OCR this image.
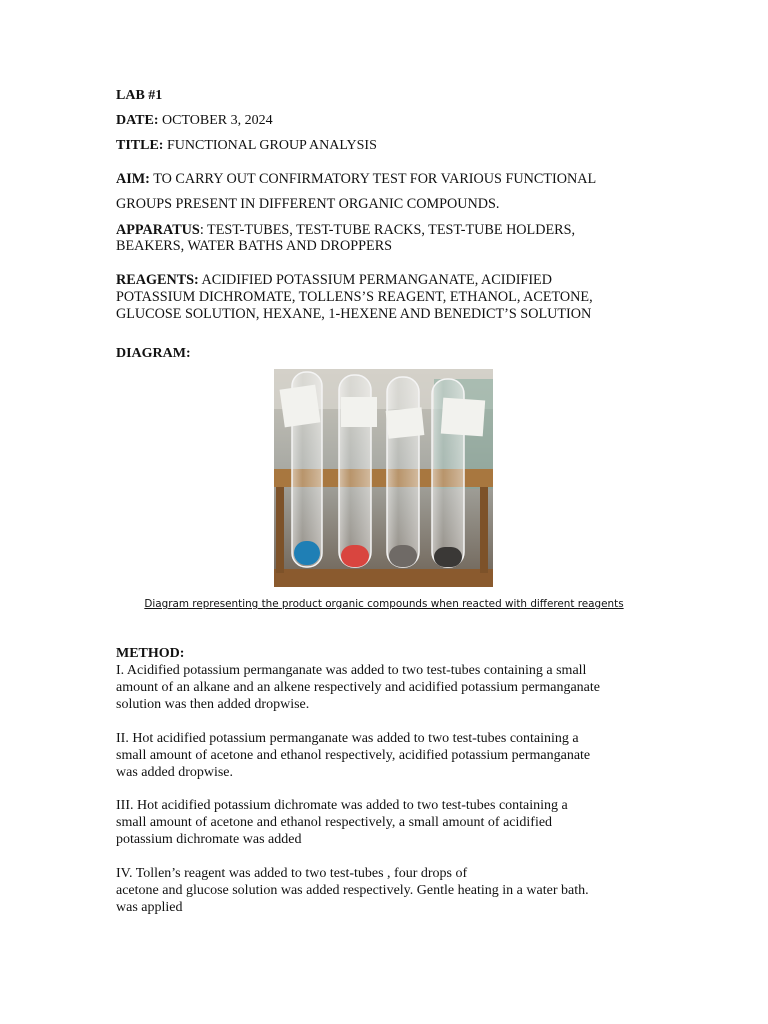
LAB #1
DATE: OCTOBER 3, 2024
TITLE: FUNCTIONAL GROUP ANALYSIS
AIM: TO CARRY OUT CONFIRMATORY TEST FOR VARIOUS FUNCTIONAL
GROUPS PRESENT IN DIFFERENT ORGANIC COMPOUNDS.
APPARATUS: TEST-TUBES, TEST-TUBE RACKS, TEST-TUBE HOLDERS,
BEAKERS, WATER BATHS AND DROPPERS
REAGENTS: ACIDIFIED POTASSIUM PERMANGANATE, ACIDIFIED
POTASSIUM DICHROMATE, TOLLENS’S REAGENT, ETHANOL, ACETONE,
GLUCOSE SOLUTION, HEXANE, 1-HEXENE AND BENEDICT’S SOLUTION
DIAGRAM:
Diagram representing the product organic compounds when reacted with different reagents
METHOD:
I. Acidified potassium permanganate was added to two test-tubes containing a small
amount of an alkane and an alkene respectively and acidified potassium permanganate
solution was then added dropwise.
II. Hot acidified potassium permanganate was added to two test-tubes containing a
small amount of acetone and ethanol respectively, acidified potassium permanganate
was added dropwise.
III. Hot acidified potassium dichromate was added to two test-tubes containing a
small amount of acetone and ethanol respectively, a small amount of acidified
potassium dichromate was added
IV. Tollen’s reagent was added to two test-tubes , four drops of
acetone and glucose solution was added respectively. Gentle heating in a water bath.
was applied
